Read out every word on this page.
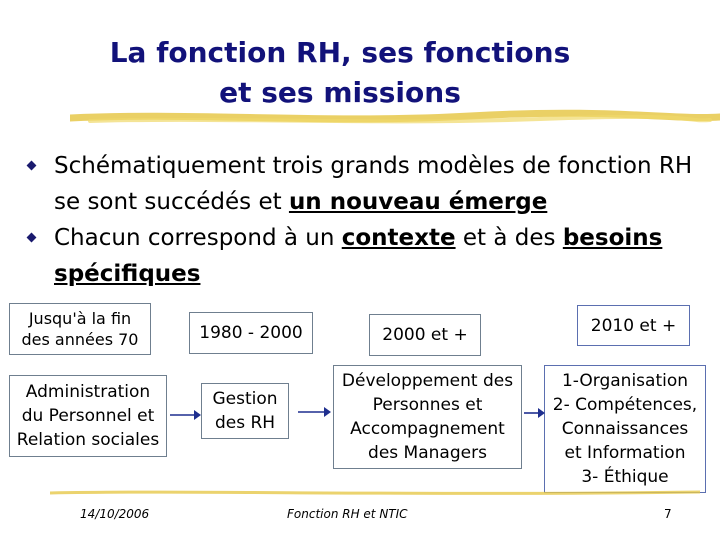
La fonction RH, ses fonctions
et ses missions
Schématiquement trois grands modèles de fonction RH se sont succédés et un nouveau émerge
Chacun correspond à un contexte et à des besoins spécifiques
Jusqu'à la fin
des années 70	1980 - 2000	2000 et +	2010 et +
Administration
du Personnel et
Relation sociales
Gestion
des RH
Développement des
Personnes et
Accompagnement
des Managers
1-Organisation
2- Compétences,
Connaissances
et Information
3- Éthique
14/10/2006	Fonction RH et NTIC	7
